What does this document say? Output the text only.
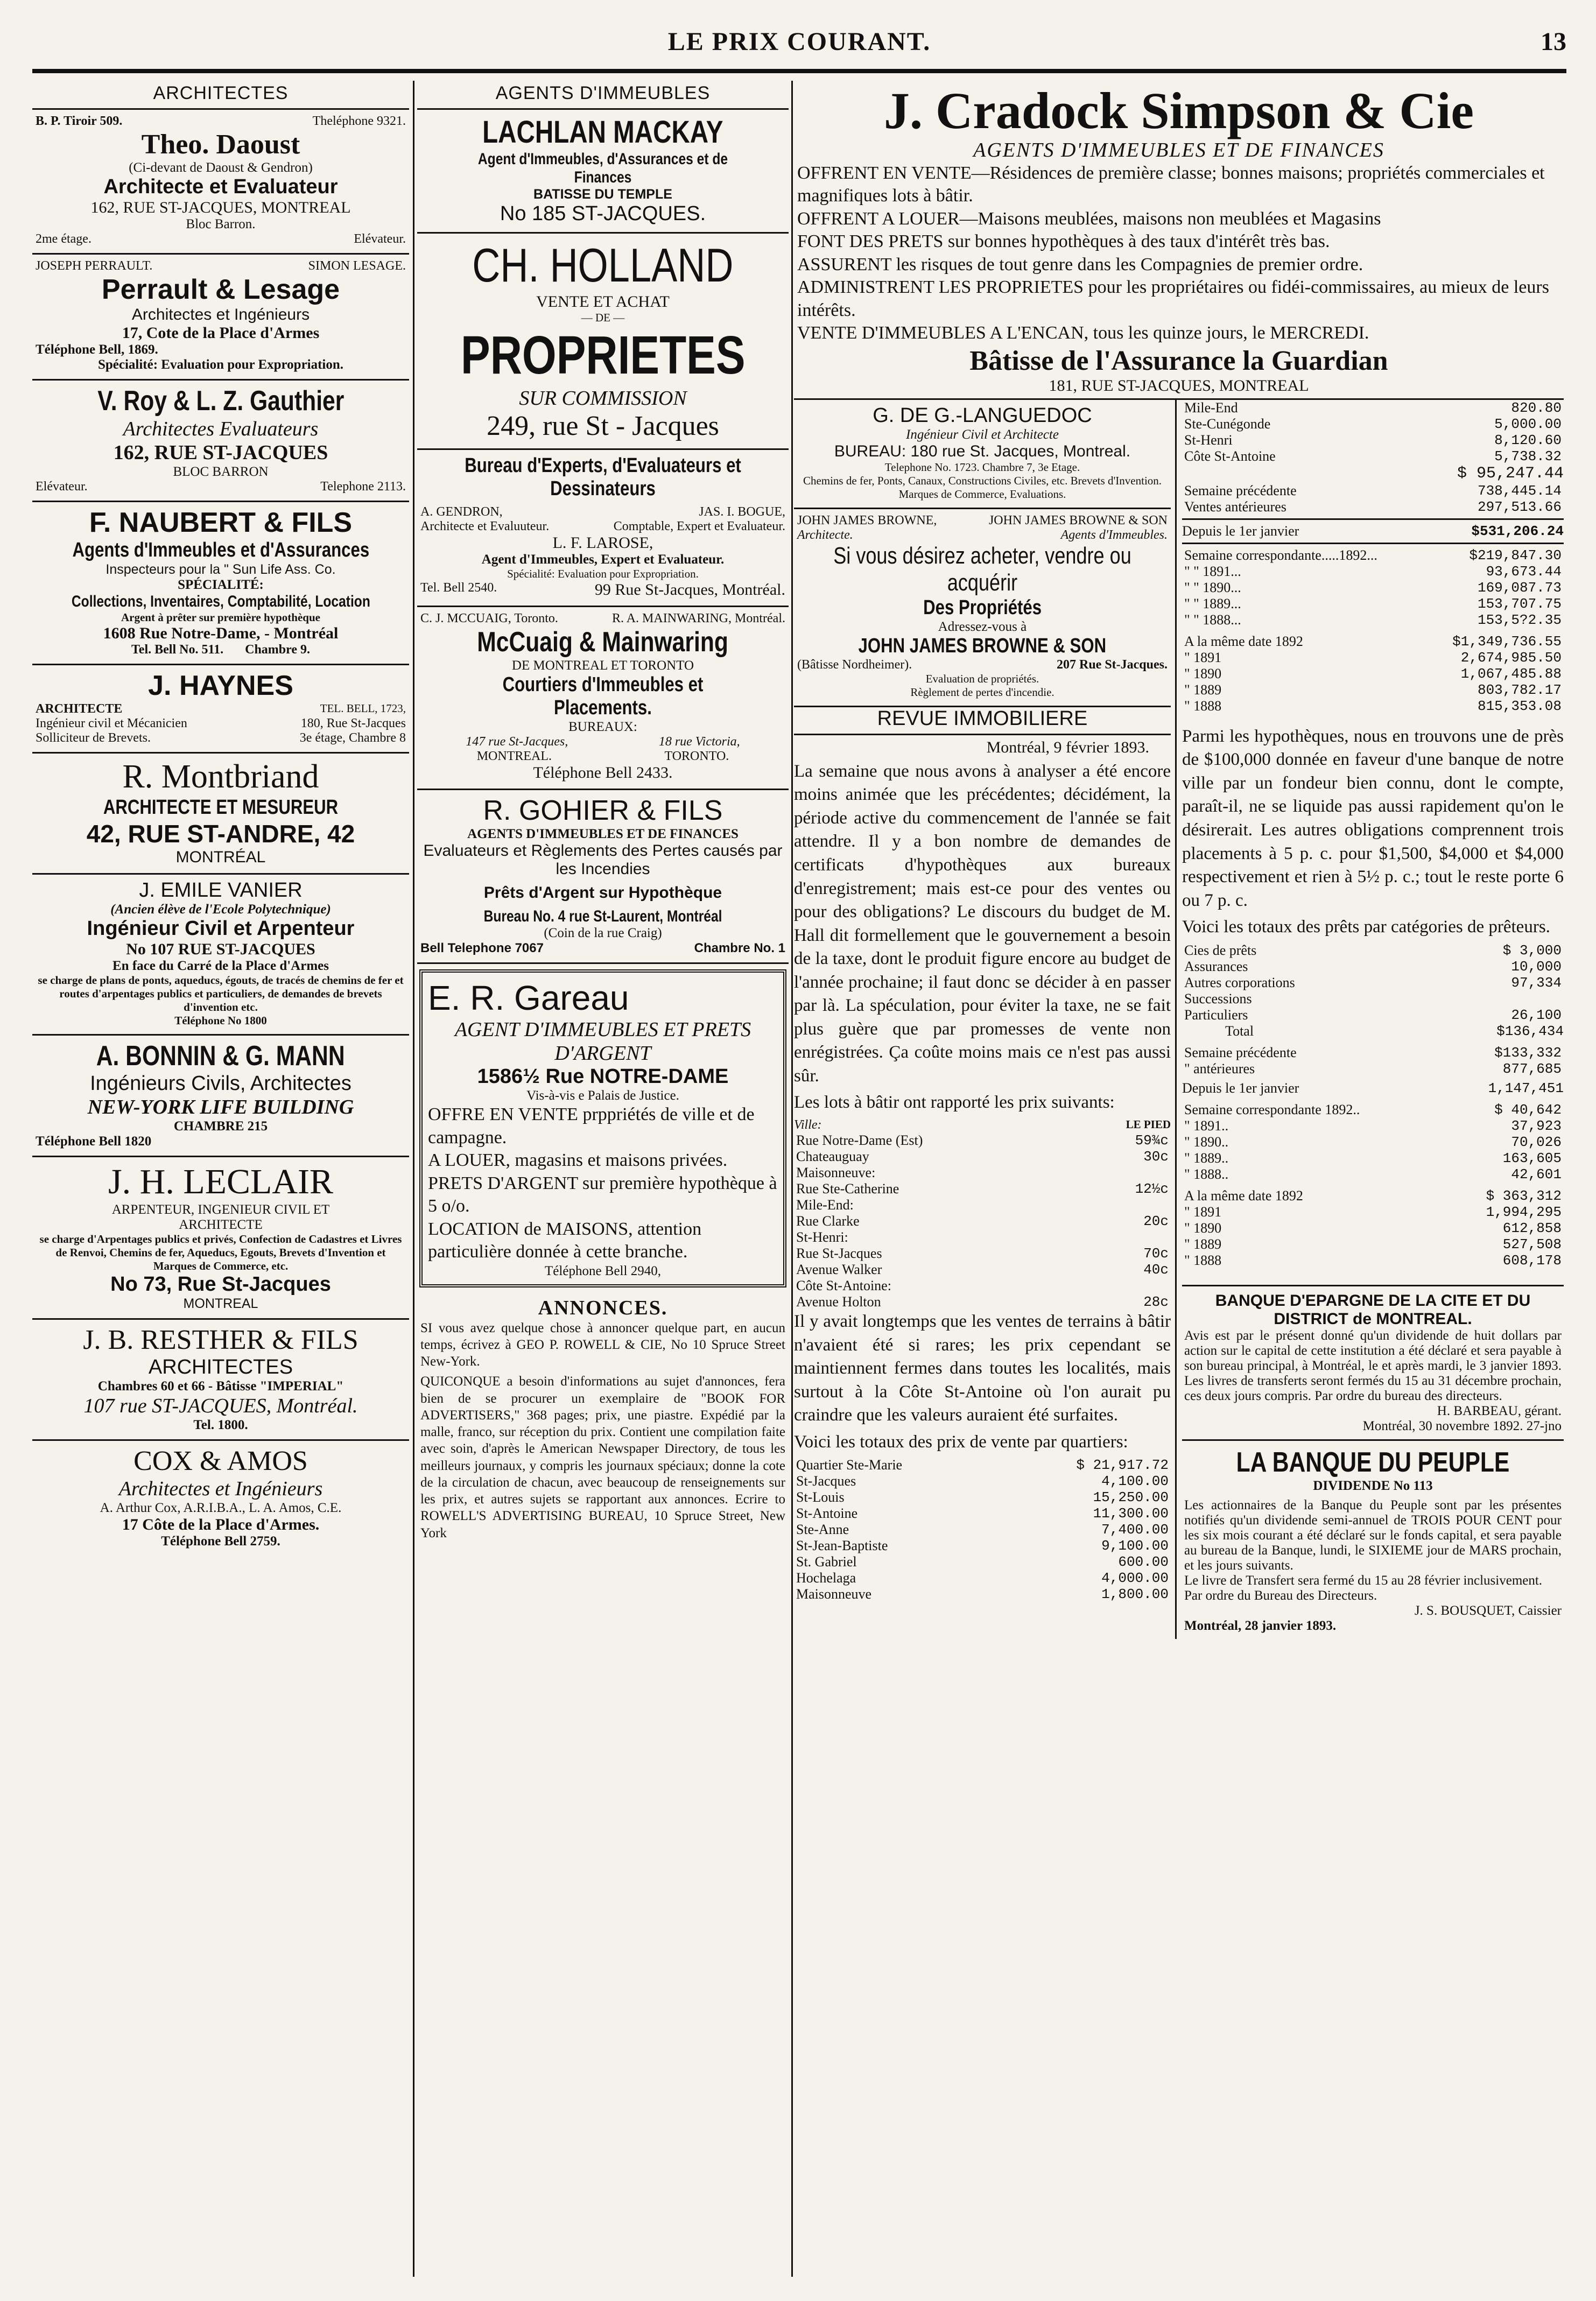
LE PRIX COURANT.	13
ARCHITECTES
B. P. Tiroir 509.	Theléphone 9321.
Theo. Daoust
(Ci-devant de Daoust & Gendron)
Architecte et Evaluateur
162, RUE ST-JACQUES, MONTREAL
Bloc Barron.
2me étage.	Elévateur.
JOSEPH PERRAULT.	SIMON LESAGE.
Perrault & Lesage
Architectes et Ingénieurs
17, Cote de la Place d'Armes
Téléphone Bell, 1869.
Spécialité: Evaluation pour Expropriation.
V. Roy & L. Z. Gauthier
Architectes Evaluateurs
162, RUE ST-JACQUES
BLOC BARRON
Elévateur.	Telephone 2113.
F. NAUBERT & FILS
Agents d'Immeubles et d'Assurances
Inspecteurs pour la " Sun Life Ass. Co.
SPÉCIALITÉ:
Collections, Inventaires, Comptabilité, Location
Argent à prêter sur première hypothèque
1608 Rue Notre-Dame, - Montréal
Tel. Bell No. 511. Chambre 9.
J. HAYNES
ARCHITECTE	TEL. BELL, 1723,
Ingénieur civil et Mécanicien	180, Rue St-Jacques
Solliciteur de Brevets.	3e étage, Chambre 8
R. Montbriand
ARCHITECTE ET MESUREUR
42, RUE ST-ANDRE, 42
MONTRÉAL
J. EMILE VANIER
(Ancien élève de l'Ecole Polytechnique)
Ingénieur Civil et Arpenteur
No 107 RUE ST-JACQUES
En face du Carré de la Place d'Armes
se charge de plans de ponts, aqueducs, égouts, de tracés de chemins de fer et routes d'arpentages publics et particuliers, de demandes de brevets d'invention etc.
Téléphone No 1800
A. BONNIN & G. MANN
Ingénieurs Civils, Architectes
NEW-YORK LIFE BUILDING
CHAMBRE 215
Téléphone Bell 1820
J. H. LECLAIR
ARPENTEUR, INGENIEUR CIVIL ET
ARCHITECTE
se charge d'Arpentages publics et privés, Confection de Cadastres et Livres de Renvoi, Chemins de fer, Aqueducs, Egouts, Brevets d'Invention et Marques de Commerce, etc.
No 73, Rue St-Jacques
MONTREAL
J. B. RESTHER & FILS
ARCHITECTES
Chambres 60 et 66 - Bâtisse "IMPERIAL"
107 rue ST-JACQUES, Montréal.
Tel. 1800.
COX & AMOS
Architectes et Ingénieurs
A. Arthur Cox, A.R.I.B.A., L. A. Amos, C.E.
17 Côte de la Place d'Armes.
Téléphone Bell 2759.
AGENTS D'IMMEUBLES
LACHLAN MACKAY Agent d'Immeubles, d'Assurances et de Finances
BATISSE DU TEMPLE
No 185 ST-JACQUES.
CH. HOLLAND
VENTE ET ACHAT
— DE —
PROPRIETES
SUR COMMISSION
249, rue St - Jacques
Bureau d'Experts, d'Evaluateurs et Dessinateurs
A. GENDRON,	JAS. I. BOGUE,
Architecte et Evaluuteur.	Comptable, Expert et Evaluateur.
L. F. LAROSE,
Agent d'Immeubles, Expert et Evaluateur.
Spécialité: Evaluation pour Expropriation.
Tel. Bell 2540.	99 Rue St-Jacques, Montréal.
C. J. MCCUAIG, Toronto.	R. A. MAINWARING, Montréal.
McCuaig & Mainwaring
DE MONTREAL ET TORONTO
Courtiers d'Immeubles et Placements.
BUREAUX:
147 rue St-Jacques,	18 rue Victoria,
MONTREAL.	TORONTO.
Téléphone Bell 2433.
R. GOHIER & FILS
AGENTS D'IMMEUBLES ET DE FINANCES
Evaluateurs et Règlements des Pertes causés par les Incendies
Prêts d'Argent sur Hypothèque
Bureau No. 4 rue St-Laurent, Montréal
(Coin de la rue Craig)
Bell Telephone 7067	Chambre No. 1
E. R. Gareau
AGENT D'IMMEUBLES ET PRETS D'ARGENT
1586½ Rue NOTRE-DAME
Vis-à-vis e Palais de Justice.
OFFRE EN VENTE prppriétés de ville et de campagne.
A LOUER, magasins et maisons privées.
PRETS D'ARGENT sur première hypothèque à 5 o/o.
LOCATION de MAISONS, attention particulière donnée à cette branche.
Téléphone Bell 2940,
ANNONCES.
SI vous avez quelque chose à annoncer quelque part, en aucun temps, écrivez à GEO P. ROWELL & CIE, No 10 Spruce Street New-York.
QUICONQUE a besoin d'informations au sujet d'annonces, fera bien de se procurer un exemplaire de "BOOK FOR ADVERTISERS," 368 pages; prix, une piastre. Expédié par la malle, franco, sur réception du prix. Contient une compilation faite avec soin, d'après le American Newspaper Directory, de tous les meilleurs journaux, y compris les journaux spéciaux; donne la cote de la circulation de chacun, avec beaucoup de renseignements sur les prix, et autres sujets se rapportant aux annonces. Ecrire to ROWELL'S ADVERTISING BUREAU, 10 Spruce Street, New York
J. Cradock Simpson & Cie
AGENTS D'IMMEUBLES ET DE FINANCES
OFFRENT EN VENTE—Résidences de première classe; bonnes maisons; propriétés commerciales et magnifiques lots à bâtir.
OFFRENT A LOUER—Maisons meublées, maisons non meublées et Magasins
FONT DES PRETS sur bonnes hypothèques à des taux d'intérêt très bas.
ASSURENT les risques de tout genre dans les Compagnies de premier ordre.
ADMINISTRENT LES PROPRIETES pour les propriétaires ou fidéi-commissaires, au mieux de leurs intérêts.
VENTE D'IMMEUBLES A L'ENCAN, tous les quinze jours, le MERCREDI.
Bâtisse de l'Assurance la Guardian
181, RUE ST-JACQUES, MONTREAL
G. DE G.-LANGUEDOC
Ingénieur Civil et Architecte
BUREAU: 180 rue St. Jacques, Montreal.
Telephone No. 1723. Chambre 7, 3e Etage.
Chemins de fer, Ponts, Canaux, Constructions Civiles, etc. Brevets d'Invention. Marques de Commerce, Evaluations.
JOHN JAMES BROWNE,	JOHN JAMES BROWNE & SON
Architecte.	Agents d'Immeubles.
Si vous désirez acheter, vendre ou acquérir Des Propriétés
Adressez-vous à
JOHN JAMES BROWNE & SON
(Bâtisse Nordheimer).	207 Rue St-Jacques.
Evaluation de propriétés.
Règlement de pertes d'incendie.
REVUE IMMOBILIERE
Montréal, 9 février 1893.

La semaine que nous avons à analyser a été encore moins animée que les précédentes; décidément, la période active du commencement de l'année se fait attendre. Il y a bon nombre de demandes de certificats d'hypothèques aux bureaux d'enregistrement; mais est-ce pour des ventes ou pour des obligations? Le discours du budget de M. Hall dit formellement que le gouvernement a besoin de la taxe, dont le produit figure encore au budget de l'année prochaine; il faut donc se décider à en passer par là. La spéculation, pour éviter la taxe, ne se fait plus guère que par promesses de vente non enrégistrées. Ça coûte moins mais ce n'est pas aussi sûr.

Les lots à bâtir ont rapporté les prix suivants:

Ville:	LE PIED
Rue Notre-Dame (Est)	59¾c
Chateauguay	30c
Maisonneuve:	
Rue Ste-Catherine	12½c
Mile-End:	
Rue Clarke	20c
St-Henri:	
Rue St-Jacques	70c
Avenue Walker	40c
Côte St-Antoine:	
Avenue Holton	28c

Il y avait longtemps que les ventes de terrains à bâtir n'avaient été si rares; les prix cependant se maintiennent fermes dans toutes les localités, mais surtout à la Côte St-Antoine où l'on aurait pu craindre que les valeurs auraient été surfaites.

Voici les totaux des prix de vente par quartiers:

Quartier Ste-Marie	$ 21,917.72
St-Jacques	4,100.00
St-Louis	15,250.00
St-Antoine	11,300.00
Ste-Anne	7,400.00
St-Jean-Baptiste	9,100.00
St. Gabriel	600.00
Hochelaga	4,000.00
Maisonneuve	1,800.00
Mile-End	820.80
Ste-Cunégonde	5,000.00
St-Henri	8,120.60
Côte St-Antoine	5,738.32
$ 95,247.44
Semaine précédente	738,445.14
Ventes antérieures	297,513.66
Depuis le 1er janvier	$531,206.24
Semaine correspondante.....1892...	$219,847.30
" " 1891...	93,673.44
" " 1890...	169,087.73
" " 1889...	153,707.75
" " 1888...	153,5?2.35
A la même date 1892	$1,349,736.55
" 1891	2,674,985.50
" 1890	1,067,485.88
" 1889	803,782.17
" 1888	815,353.08

Parmi les hypothèques, nous en trouvons une de près de $100,000 donnée en faveur d'une banque de notre ville par un fondeur bien connu, dont le compte, paraît-il, ne se liquide pas aussi rapidement qu'on le désirerait. Les autres obligations comprennent trois placements à 5 p. c. pour $1,500, $4,000 et $4,000 respectivement et rien à 5½ p. c.; tout le reste porte 6 ou 7 p. c.

Voici les totaux des prêts par catégories de prêteurs.

Cies de prêts	$ 3,000
Assurances	10,000
Autres corporations	97,334
Successions	
Particuliers	26,100
Total	$136,434
Semaine précédente	$133,332
" antérieures	877,685
Depuis le 1er janvier	1,147,451
Semaine correspondante 1892..	$ 40,642
" 1891..	37,923
" 1890..	70,026
" 1889..	163,605
" 1888..	42,601
A la même date 1892	$ 363,312
" 1891	1,994,295
" 1890	612,858
" 1889	527,508
" 1888	608,178
BANQUE D'EPARGNE DE LA CITE ET DU DISTRICT de MONTREAL.
Avis est par le présent donné qu'un dividende de huit dollars par action sur le capital de cette institution a été déclaré et sera payable à son bureau principal, à Montréal, le et après mardi, le 3 janvier 1893. Les livres de transferts seront fermés du 15 au 31 décembre prochain, ces deux jours compris. Par ordre du bureau des directeurs.
H. BARBEAU, gérant.
Montréal, 30 novembre 1892. 27-jno
LA BANQUE DU PEUPLE
DIVIDENDE No 113
Les actionnaires de la Banque du Peuple sont par les présentes notifiés qu'un dividende semi-annuel de TROIS POUR CENT pour les six mois courant a été déclaré sur le fonds capital, et sera payable au bureau de la Banque, lundi, le SIXIEME jour de MARS prochain, et les jours suivants.
Le livre de Transfert sera fermé du 15 au 28 février inclusivement.
Par ordre du Bureau des Directeurs.
J. S. BOUSQUET, Caissier
Montréal, 28 janvier 1893.
